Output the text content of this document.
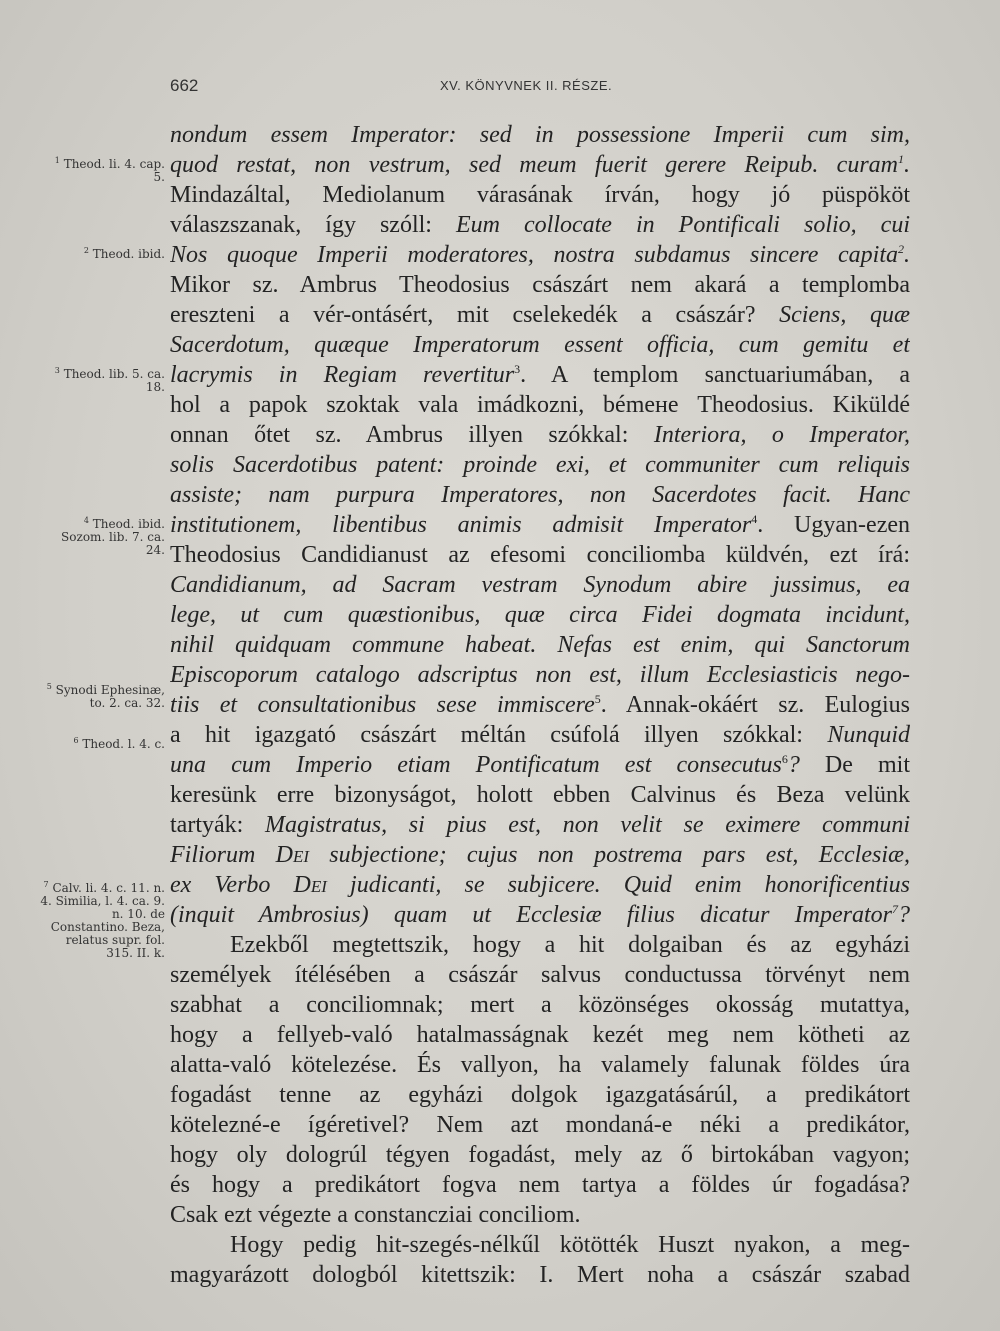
662	XV. KÖNYVNEK II. RÉSZE.
$^1$ Theod. li. 4. cap. 5.
$^2$ Theod. ibid.
$^3$ Theod. lib. 5. ca. 18.
$^4$ Theod. ibid. Sozom. lib. 7. ca. 24.
$^5$ Synodi Ephesinæ, to. 2. ca. 32.
$^6$ Theod. l. 4. c.
$^7$ Calv. li. 4. c. 11. n. 4. Similia, l. 4. ca. 9. n. 10. de Constantino. Beza, relatus supr. fol. 315. II. k.
nondum essem Imperator: sed in possessione Imperii cum sim,
quod restat, non vestrum, sed meum fuerit gerere Reipub. curam$^1$.
Mindazáltal, Mediolanum várasának írván, hogy jó püspököt
válaszszanak, így szóll: Eum collocate in Pontificali solio, cui
Nos quoque Imperii moderatores, nostra subdamus sincere capita$^2$.
Mikor sz. Ambrus Theodosius császárt nem akará a templomba
ereszteni a vér-ontásért, mit cselekedék a császár? Sciens, quæ
Sacerdotum, quæque Imperatorum essent officia, cum gemitu et
lacrymis in Regiam revertitur$^3$. A templom sanctuariumában, a
hol a papok szoktak vala imádkozni, bémене Theodosius. Kiküldé
onnan őtet sz. Ambrus illyen szókkal: Interiora, o Imperator,
solis Sacerdotibus patent: proinde exi, et communiter cum reliquis
assiste; nam purpura Imperatores, non Sacerdotes facit. Hanc
institutionem, libentibus animis admisit Imperator$^4$. Ugyan-ezen
Theodosius Candidianust az efesomi conciliomba küldvén, ezt írá:
Candidianum, ad Sacram vestram Synodum abire jussimus, ea
lege, ut cum quæstionibus, quæ circa Fidei dogmata incidunt,
nihil quidquam commune habeat. Nefas est enim, qui Sanctorum
Episcoporum catalogo adscriptus non est, illum Ecclesiasticis nego-
tiis et consultationibus sese immiscere$^5$. Annak-okáért sz. Eulogius
a hit igazgató császárt méltán csúfolá illyen szókkal: Nunquid
una cum Imperio etiam Pontificatum est consecutus$^6$? De mit
keresünk erre bizonyságot, holott ebben Calvinus és Beza velünk
tartyák: Magistratus, si pius est, non velit se eximere communi
Filiorum Dei subjectione; cujus non postrema pars est, Ecclesiæ,
ex Verbo Dei judicanti, se subjicere. Quid enim honorificentius
(inquit Ambrosius) quam ut Ecclesiæ filius dicatur Imperator$^7$?
Ezekből megtettszik, hogy a hit dolgaiban és az egyházi
személyek ítélésében a császár salvus conductussa törvényt nem
szabhat a conciliomnak; mert a közönséges okosság mutattya,
hogy a fellyeb-való hatalmasságnak kezét meg nem kötheti az
alatta-való kötelezése. És vallyon, ha valamely falunak földes úra
fogadást tenne az egyházi dolgok igazgatásárúl, a predikátort
kötelezné-e ígéretivel? Nem azt mondaná-e néki a predikátor,
hogy oly dologrúl tégyen fogadást, mely az ő birtokában vagyon;
és hogy a predikátort fogva nem tartya a földes úr fogadása?
Csak ezt végezte a constancziai conciliom.
Hogy pedig hit-szegés-nélkűl kötötték Huszt nyakon, a meg-
magyarázott dologból kitettszik: I. Mert noha a császár szabad
